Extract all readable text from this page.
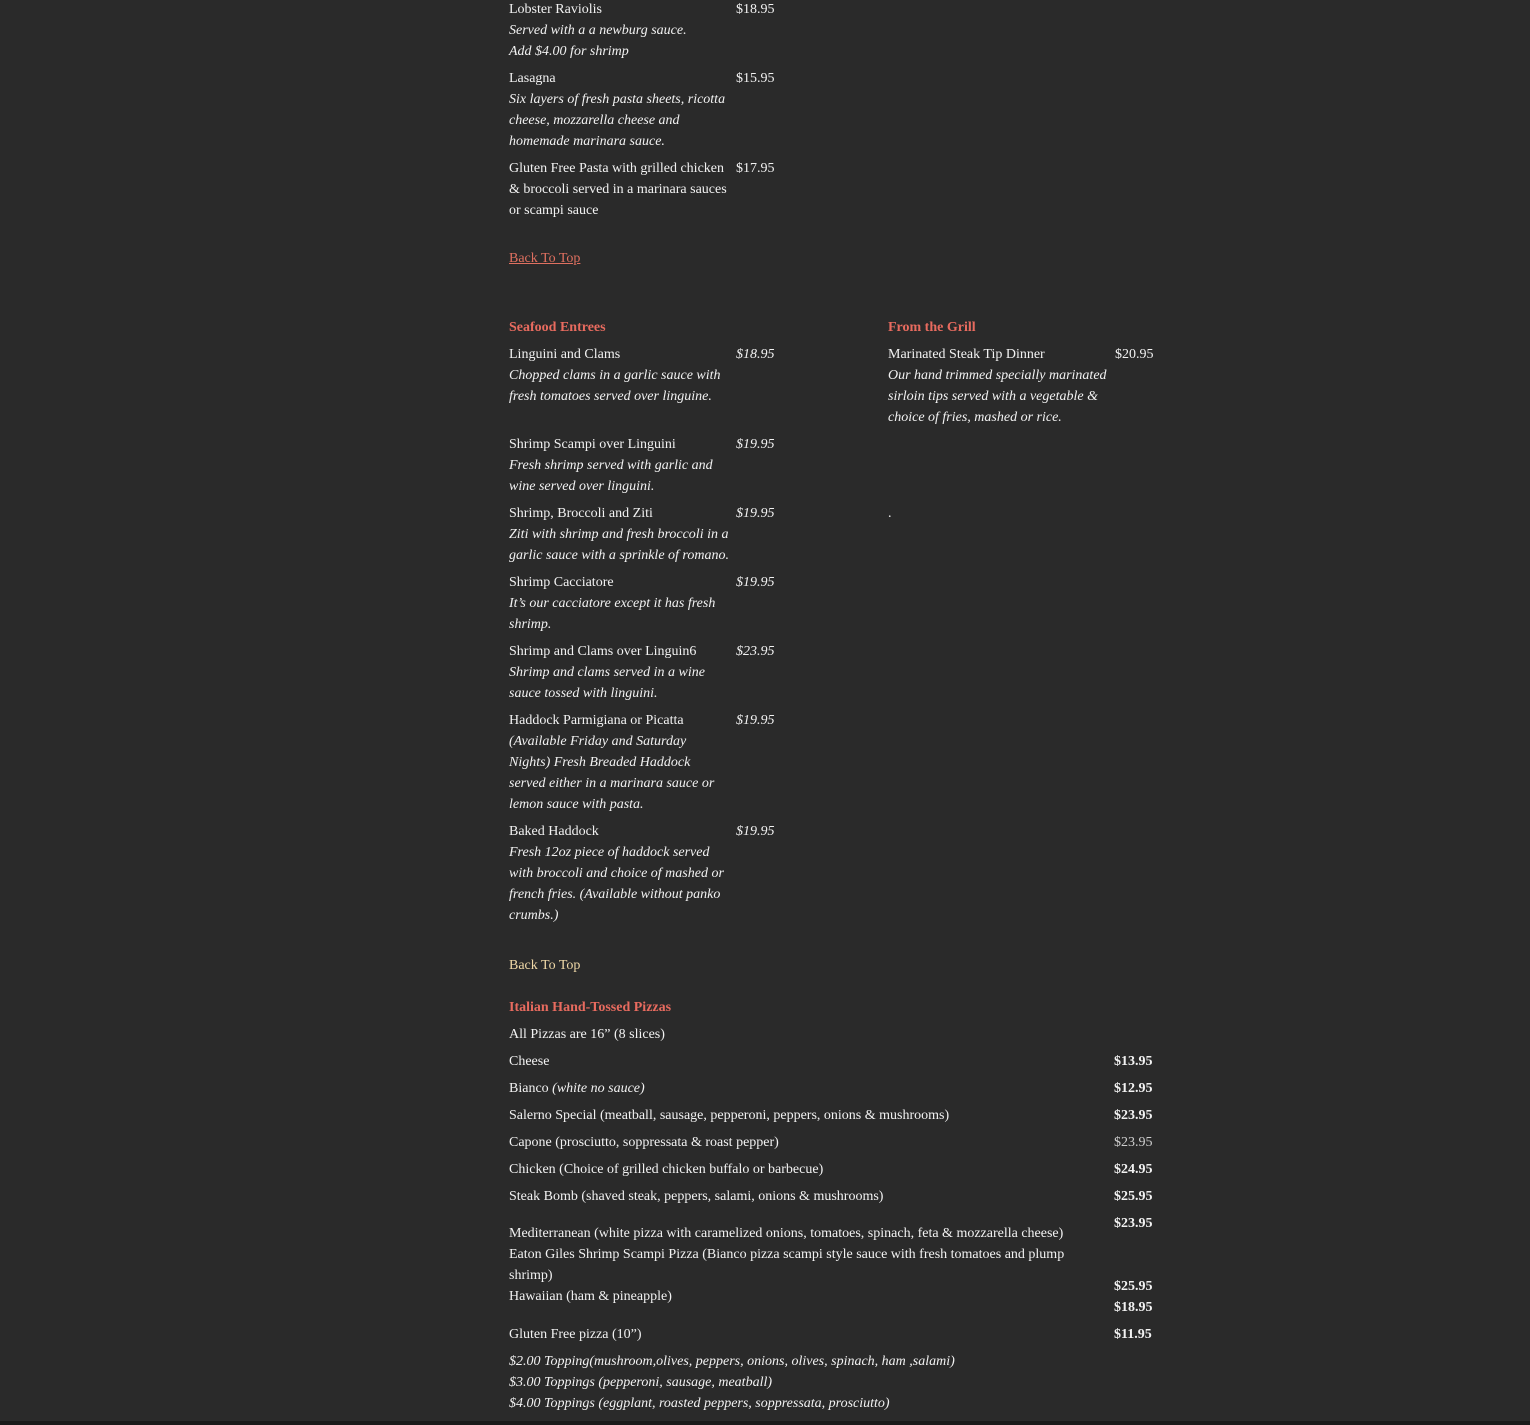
Lobster Raviolis
Served with a a newburg sauce.
Add $4.00 for shrimp
$18.95
Lasagna
Six layers of fresh pasta sheets, ricotta cheese, mozzarella cheese and homemade marinara sauce.
$15.95
Gluten Free Pasta with grilled chicken & broccoli served in a marinara sauces or scampi sauce
$17.95
Back To Top
Seafood Entrees
Linguini and Clams
Chopped clams in a garlic sauce with fresh tomatoes served over linguine.
$18.95
Shrimp Scampi over Linguini
Fresh shrimp served with garlic and wine served over linguini.
$19.95
Shrimp, Broccoli and Ziti
Ziti with shrimp and fresh broccoli in a garlic sauce with a sprinkle of romano.
$19.95
Shrimp Cacciatore
It’s our cacciatore except it has fresh shrimp.
$19.95
Shrimp and Clams over Linguin6
Shrimp and clams served in a wine sauce tossed with linguini.
$23.95
Haddock Parmigiana or Picatta
(Available Friday and Saturday Nights) Fresh Breaded Haddock served either in a marinara sauce or lemon sauce with pasta.
$19.95
Baked Haddock
Fresh 12oz piece of haddock served with broccoli and choice of mashed or french fries. (Available without panko crumbs.)
$19.95
From the Grill
Marinated Steak Tip Dinner
Our hand trimmed specially marinated sirloin tips served with a vegetable & choice of fries, mashed or rice.
$20.95
.
Back To Top
Italian Hand-Tossed Pizzas
All Pizzas are 16” (8 slices)
Cheese	$13.95
Bianco (white no sauce)	$12.95
Salerno Special (meatball, sausage, pepperoni, peppers, onions & mushrooms)	$23.95
Capone (prosciutto, soppressata & roast pepper)	$23.95
Chicken (Choice of grilled chicken buffalo or barbecue)	$24.95
Steak Bomb (shaved steak, peppers, salami, onions & mushrooms)	$25.95
Mediterranean (white pizza with caramelized onions, tomatoes, spinach, feta & mozzarella cheese)
$23.95
Eaton Giles Shrimp Scampi Pizza (Bianco pizza scampi style sauce with fresh tomatoes and plump shrimp)
$25.95
Hawaiian (ham & pineapple)
$18.95
Gluten Free pizza (10”)	$11.95
$2.00 Topping(mushroom,olives, peppers, onions, olives, spinach, ham ,salami)
$3.00 Toppings (pepperoni, sausage, meatball)
$4.00 Toppings (eggplant, roasted peppers, soppressata, prosciutto)
